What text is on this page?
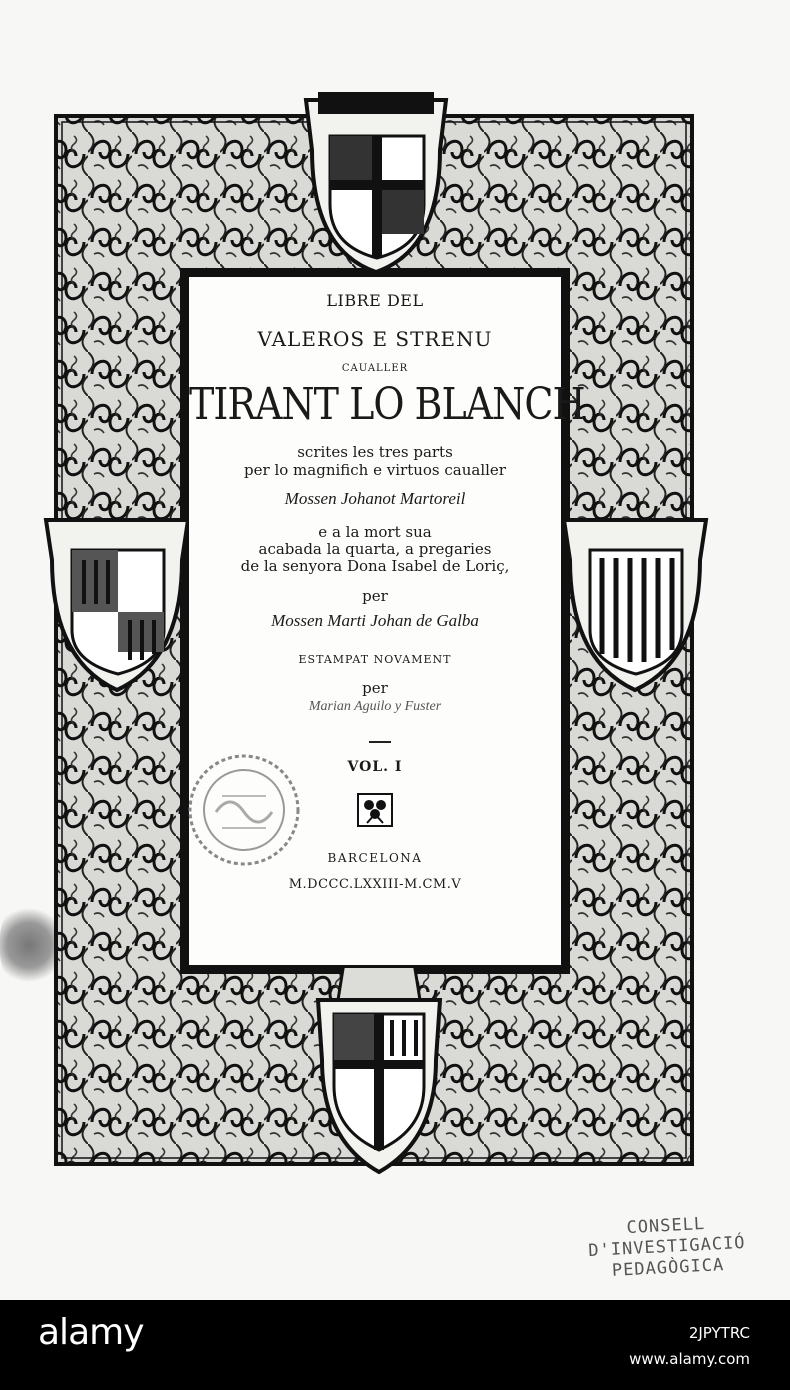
LIBRE DEL
VALEROS E STRENU
CAUALLER
TIRANT LO BLANCH
scrites les tres parts
per lo magnifich e virtuos caualler
Mossen Johanot Martoreil
e a la mort sua
acabada la quarta, a pregaries
de la senyora Dona Isabel de Loriç,
per
Mossen Marti Johan de Galba
ESTAMPAT NOVAMENT
per
Marian Aguilo y Fuster
VOL. I
BARCELONA
M.DCCC.LXXIII-M.CM.V
CONSELL
D'INVESTIGACIÓ
PEDAGÒGICA
alamy	2JPYTRC
www.alamy.com
